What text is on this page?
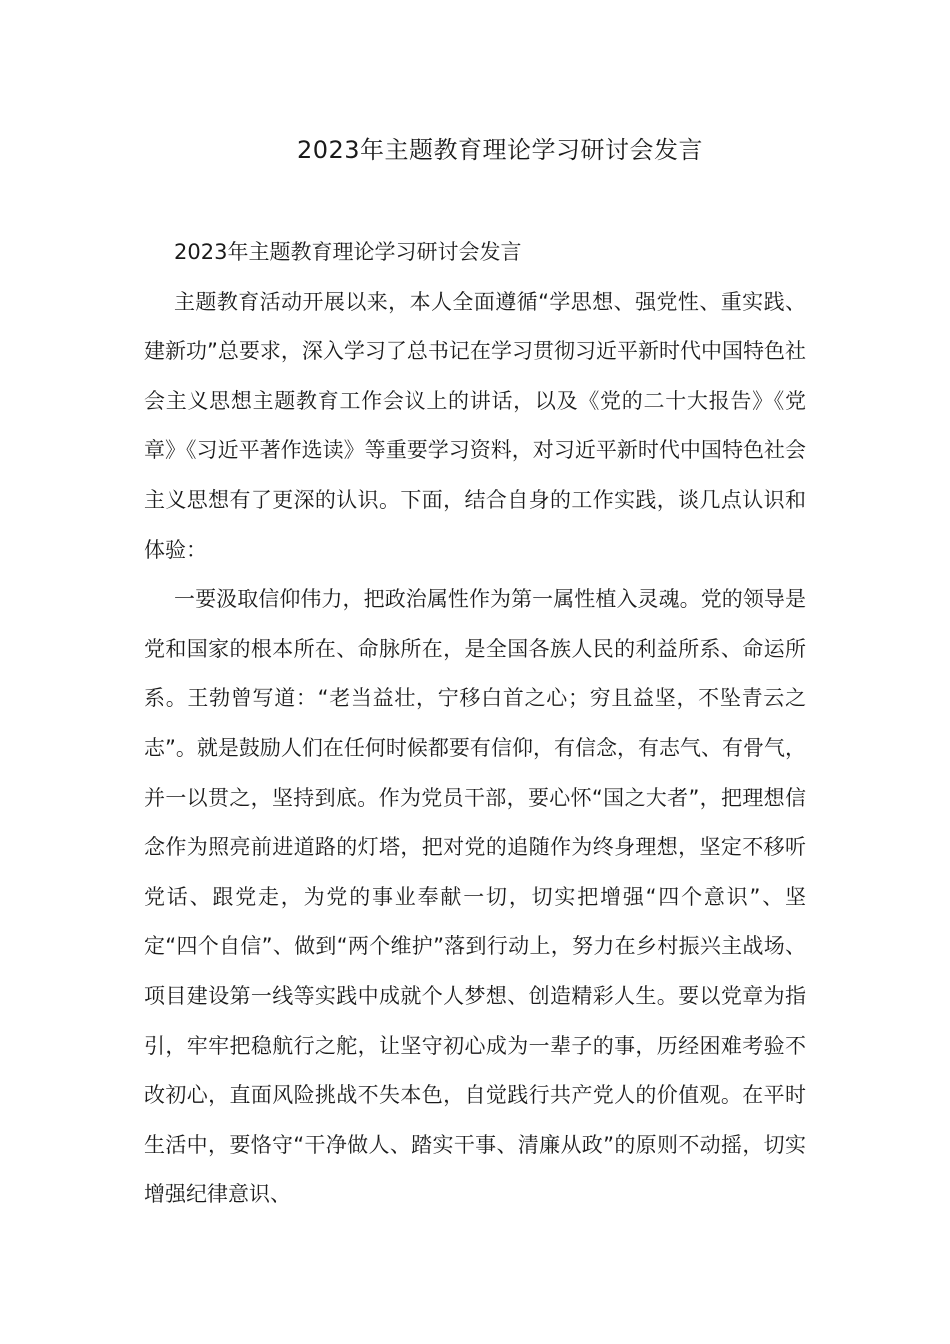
2023年主题教育理论学习研讨会发言

2023年主题教育理论学习研讨会发言

主题教育活动开展以来，本人全面遵循“学思想、强党性、重实践、建新功”总要求，深入学习了总书记在学习贯彻习近平新时代中国特色社会主义思想主题教育工作会议上的讲话，以及《党的二十大报告》《党章》《习近平著作选读》等重要学习资料，对习近平新时代中国特色社会主义思想有了更深的认识。下面，结合自身的工作实践，谈几点认识和体验：

一要汲取信仰伟力，把政治属性作为第一属性植入灵魂。党的领导是党和国家的根本所在、命脉所在，是全国各族人民的利益所系、命运所系。王勃曾写道：“老当益壮，宁移白首之心；穷且益坚，不坠青云之志”。就是鼓励人们在任何时候都要有信仰，有信念，有志气、有骨气，并一以贯之，坚持到底。作为党员干部，要心怀“国之大者”，把理想信念作为照亮前进道路的灯塔，把对党的追随作为终身理想，坚定不移听党话、跟党走，为党的事业奉献一切，切实把增强“四个意识”、坚定“四个自信”、做到“两个维护”落到行动上，努力在乡村振兴主战场、项目建设第一线等实践中成就个人梦想、创造精彩人生。要以党章为指引，牢牢把稳航行之舵，让坚守初心成为一辈子的事，历经困难考验不改初心，直面风险挑战不失本色，自觉践行共产党人的价值观。在平时生活中，要恪守“干净做人、踏实干事、清廉从政”的原则不动摇，切实增强纪律意识、
